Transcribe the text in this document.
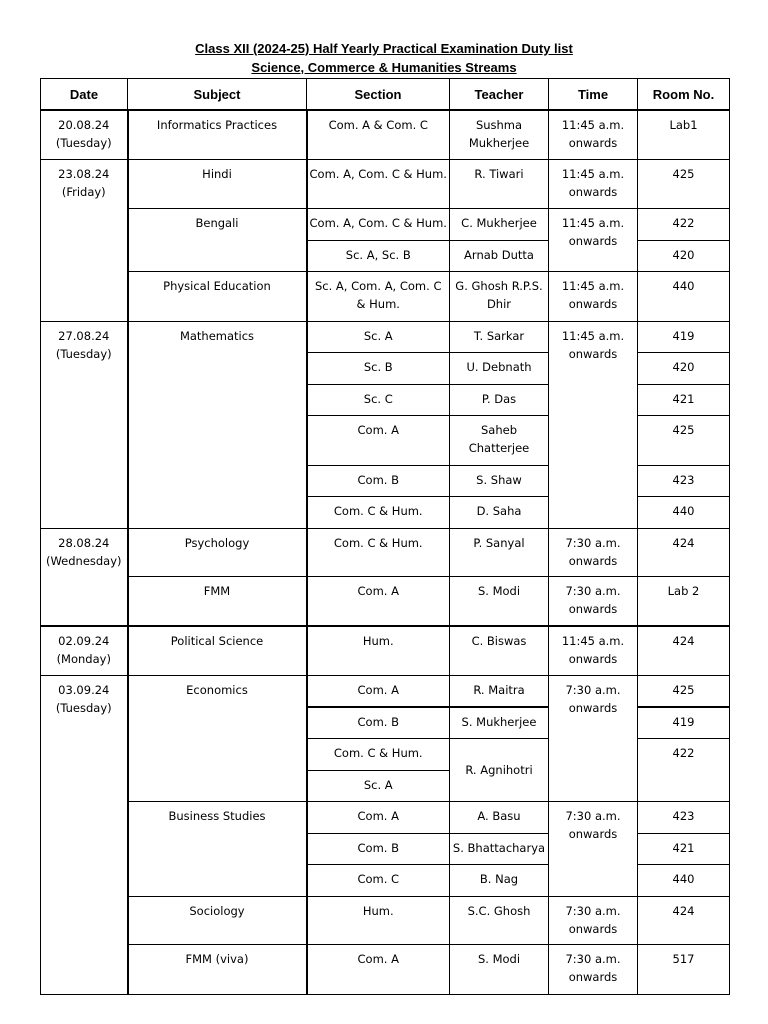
Class XII (2024-25) Half Yearly Practical Examination Duty list
Science, Commerce & Humanities Streams
Date	Subject	Section	Teacher	Time	Room No.
20.08.24
(Tuesday)	Informatics Practices	Com. A & Com. C	Sushma Mukherjee	11:45 a.m. onwards	Lab1
23.08.24
(Friday)	Hindi	Com. A, Com. C & Hum.	R. Tiwari	11:45 a.m. onwards	425
	Bengali	Com. A, Com. C & Hum.	C. Mukherjee	11:45 a.m. onwards	422
		Sc. A, Sc. B	Arnab Dutta		420
	Physical Education	Sc. A, Com. A, Com. C & Hum.	G. Ghosh R.P.S. Dhir	11:45 a.m. onwards	440
27.08.24
(Tuesday)	Mathematics	Sc. A	T. Sarkar	11:45 a.m. onwards	419
		Sc. B	U. Debnath		420
		Sc. C	P. Das		421
		Com. A	Saheb Chatterjee		425
		Com. B	S. Shaw		423
		Com. C & Hum.	D. Saha		440
28.08.24
(Wednesday)	Psychology	Com. C & Hum.	P. Sanyal	7:30 a.m. onwards	424
	FMM	Com. A	S. Modi	7:30 a.m. onwards	Lab 2
02.09.24
(Monday)	Political Science	Hum.	C. Biswas	11:45 a.m. onwards	424
03.09.24
(Tuesday)	Economics	Com. A	R. Maitra	7:30 a.m. onwards	425
		Com. B	S. Mukherjee		419
		Com. C & Hum.	R. Agnihotri		422
		Sc. A			
	Business Studies	Com. A	A. Basu	7:30 a.m. onwards	423
		Com. B	S. Bhattacharya		421
		Com. C	B. Nag		440
	Sociology	Hum.	S.C. Ghosh	7:30 a.m. onwards	424
	FMM (viva)	Com. A	S. Modi	7:30 a.m. onwards	517
